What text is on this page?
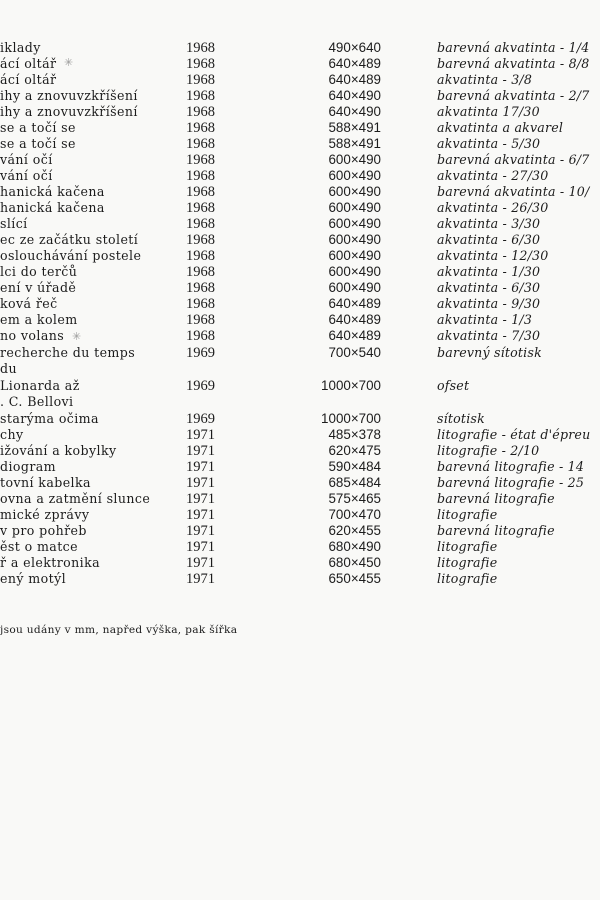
iklady	1968	490×640	barevná akvatinta - 1/4
ácí oltář	1968	640×489	barevná akvatinta - 8/8
✳
ácí oltář	1968	640×489	akvatinta - 3/8
ihy a znovuvzkříšení	1968	640×490	barevná akvatinta - 2/7
ihy a znovuvzkříšení	1968	640×490	akvatinta 17/30
se a točí se	1968	588×491	akvatinta a akvarel
se a točí se	1968	588×491	akvatinta - 5/30
vání očí	1968	600×490	barevná akvatinta - 6/7
vání očí	1968	600×490	akvatinta - 27/30
hanická kačena	1968	600×490	barevná akvatinta - 10/
hanická kačena	1968	600×490	akvatinta - 26/30
slící	1968	600×490	akvatinta - 3/30
ec ze začátku století	1968	600×490	akvatinta - 6/30
oslouchávání postele	1968	600×490	akvatinta - 12/30
lci do terčů	1968	600×490	akvatinta - 1/30
ení v úřadě	1968	600×490	akvatinta - 6/30
ková řeč	1968	640×489	akvatinta - 9/30
em a kolem	1968	640×489	akvatinta - 1/3
no volans	1968	640×489	akvatinta - 7/30
✳
recherche du temps	1969	700×540	barevný sítotisk
du
Lionarda až	1969	1000×700	ofset
. C. Bellovi
starýma očima	1969	1000×700	sítotisk
chy	1971	485×378	litografie - état d'épreu
ižování a kobylky	1971	620×475	litografie - 2/10
diogram	1971	590×484	barevná litografie - 14
tovní kabelka	1971	685×484	barevná litografie - 25
ovna a zatmění slunce 1971	575×465	barevná litografie
mické zprávy	1971	700×470	litografie
v pro pohřeb	1971	620×455	barevná litografie
ěst o matce	1971	680×490	litografie
ř a elektronika	1971	680×450	litografie
ený motýl	1971	650×455	litografie
jsou udány v mm, napřed výška, pak šířka
